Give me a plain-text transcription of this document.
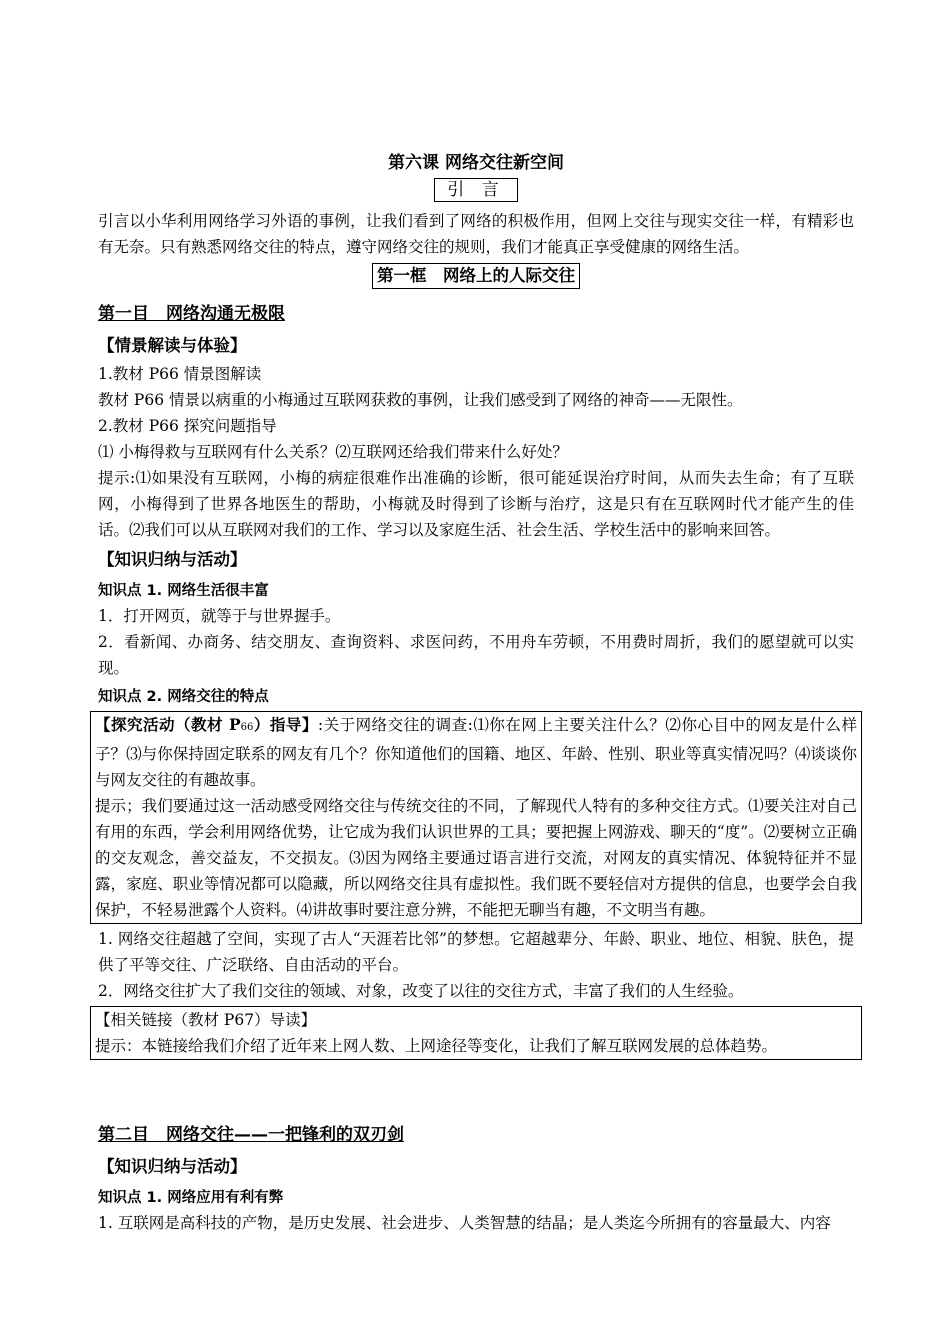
第六课 网络交往新空间
引 言

引言以小华利用网络学习外语的事例，让我们看到了网络的积极作用，但网上交往与现实交往一样，有精彩也有无奈。只有熟悉网络交往的特点，遵守网络交往的规则，我们才能真正享受健康的网络生活。

第一框　网络上的人际交往
第一目　网络沟通无极限
【情景解读与体验】

1.教材 P66 情景图解读

教材 P66 情景以病重的小梅通过互联网获救的事例，让我们感受到了网络的神奇——无限性。

2.教材 P66 探究问题指导

⑴ 小梅得救与互联网有什么关系？⑵互联网还给我们带来什么好处？

提示:⑴如果没有互联网，小梅的病症很难作出准确的诊断，很可能延误治疗时间，从而失去生命；有了互联网，小梅得到了世界各地医生的帮助，小梅就及时得到了诊断与治疗，这是只有在互联网时代才能产生的佳话。⑵我们可以从互联网对我们的工作、学习以及家庭生活、社会生活、学校生活中的影响来回答。

【知识归纳与活动】
知识点 1. 网络生活很丰富

1．打开网页，就等于与世界握手。

2．看新闻、办商务、结交朋友、查询资料、求医问药，不用舟车劳顿，不用费时周折，我们的愿望就可以实现。

知识点 2. 网络交往的特点
【探究活动（教材 P66）指导】:关于网络交往的调查:⑴你在网上主要关注什么？⑵你心目中的网友是什么样子？⑶与你保持固定联系的网友有几个？你知道他们的国籍、地区、年龄、性别、职业等真实情况吗？⑷谈谈你与网友交往的有趣故事。
提示；我们要通过这一活动感受网络交往与传统交往的不同，了解现代人特有的多种交往方式。⑴要关注对自己有用的东西，学会利用网络优势，让它成为我们认识世界的工具；要把握上网游戏、聊天的“度”。⑵要树立正确的交友观念，善交益友，不交损友。⑶因为网络主要通过语言进行交流，对网友的真实情况、体貌特征并不显露，家庭、职业等情况都可以隐藏，所以网络交往具有虚拟性。我们既不要轻信对方提供的信息，也要学会自我保护，不轻易泄露个人资料。⑷讲故事时要注意分辨，不能把无聊当有趣，不文明当有趣。

1. 网络交往超越了空间，实现了古人“天涯若比邻”的梦想。它超越辈分、年龄、职业、地位、相貌、肤色，提供了平等交往、广泛联络、自由活动的平台。

2．网络交往扩大了我们交往的领域、对象，改变了以往的交往方式，丰富了我们的人生经验。

【相关链接（教材 P67）导读】
提示：本链接给我们介绍了近年来上网人数、上网途径等变化，让我们了解互联网发展的总体趋势。
第二目　网络交往——一把锋利的双刃剑
【知识归纳与活动】
知识点 1. 网络应用有利有弊

1. 互联网是高科技的产物，是历史发展、社会进步、人类智慧的结晶；是人类迄今所拥有的容量最大、内容
